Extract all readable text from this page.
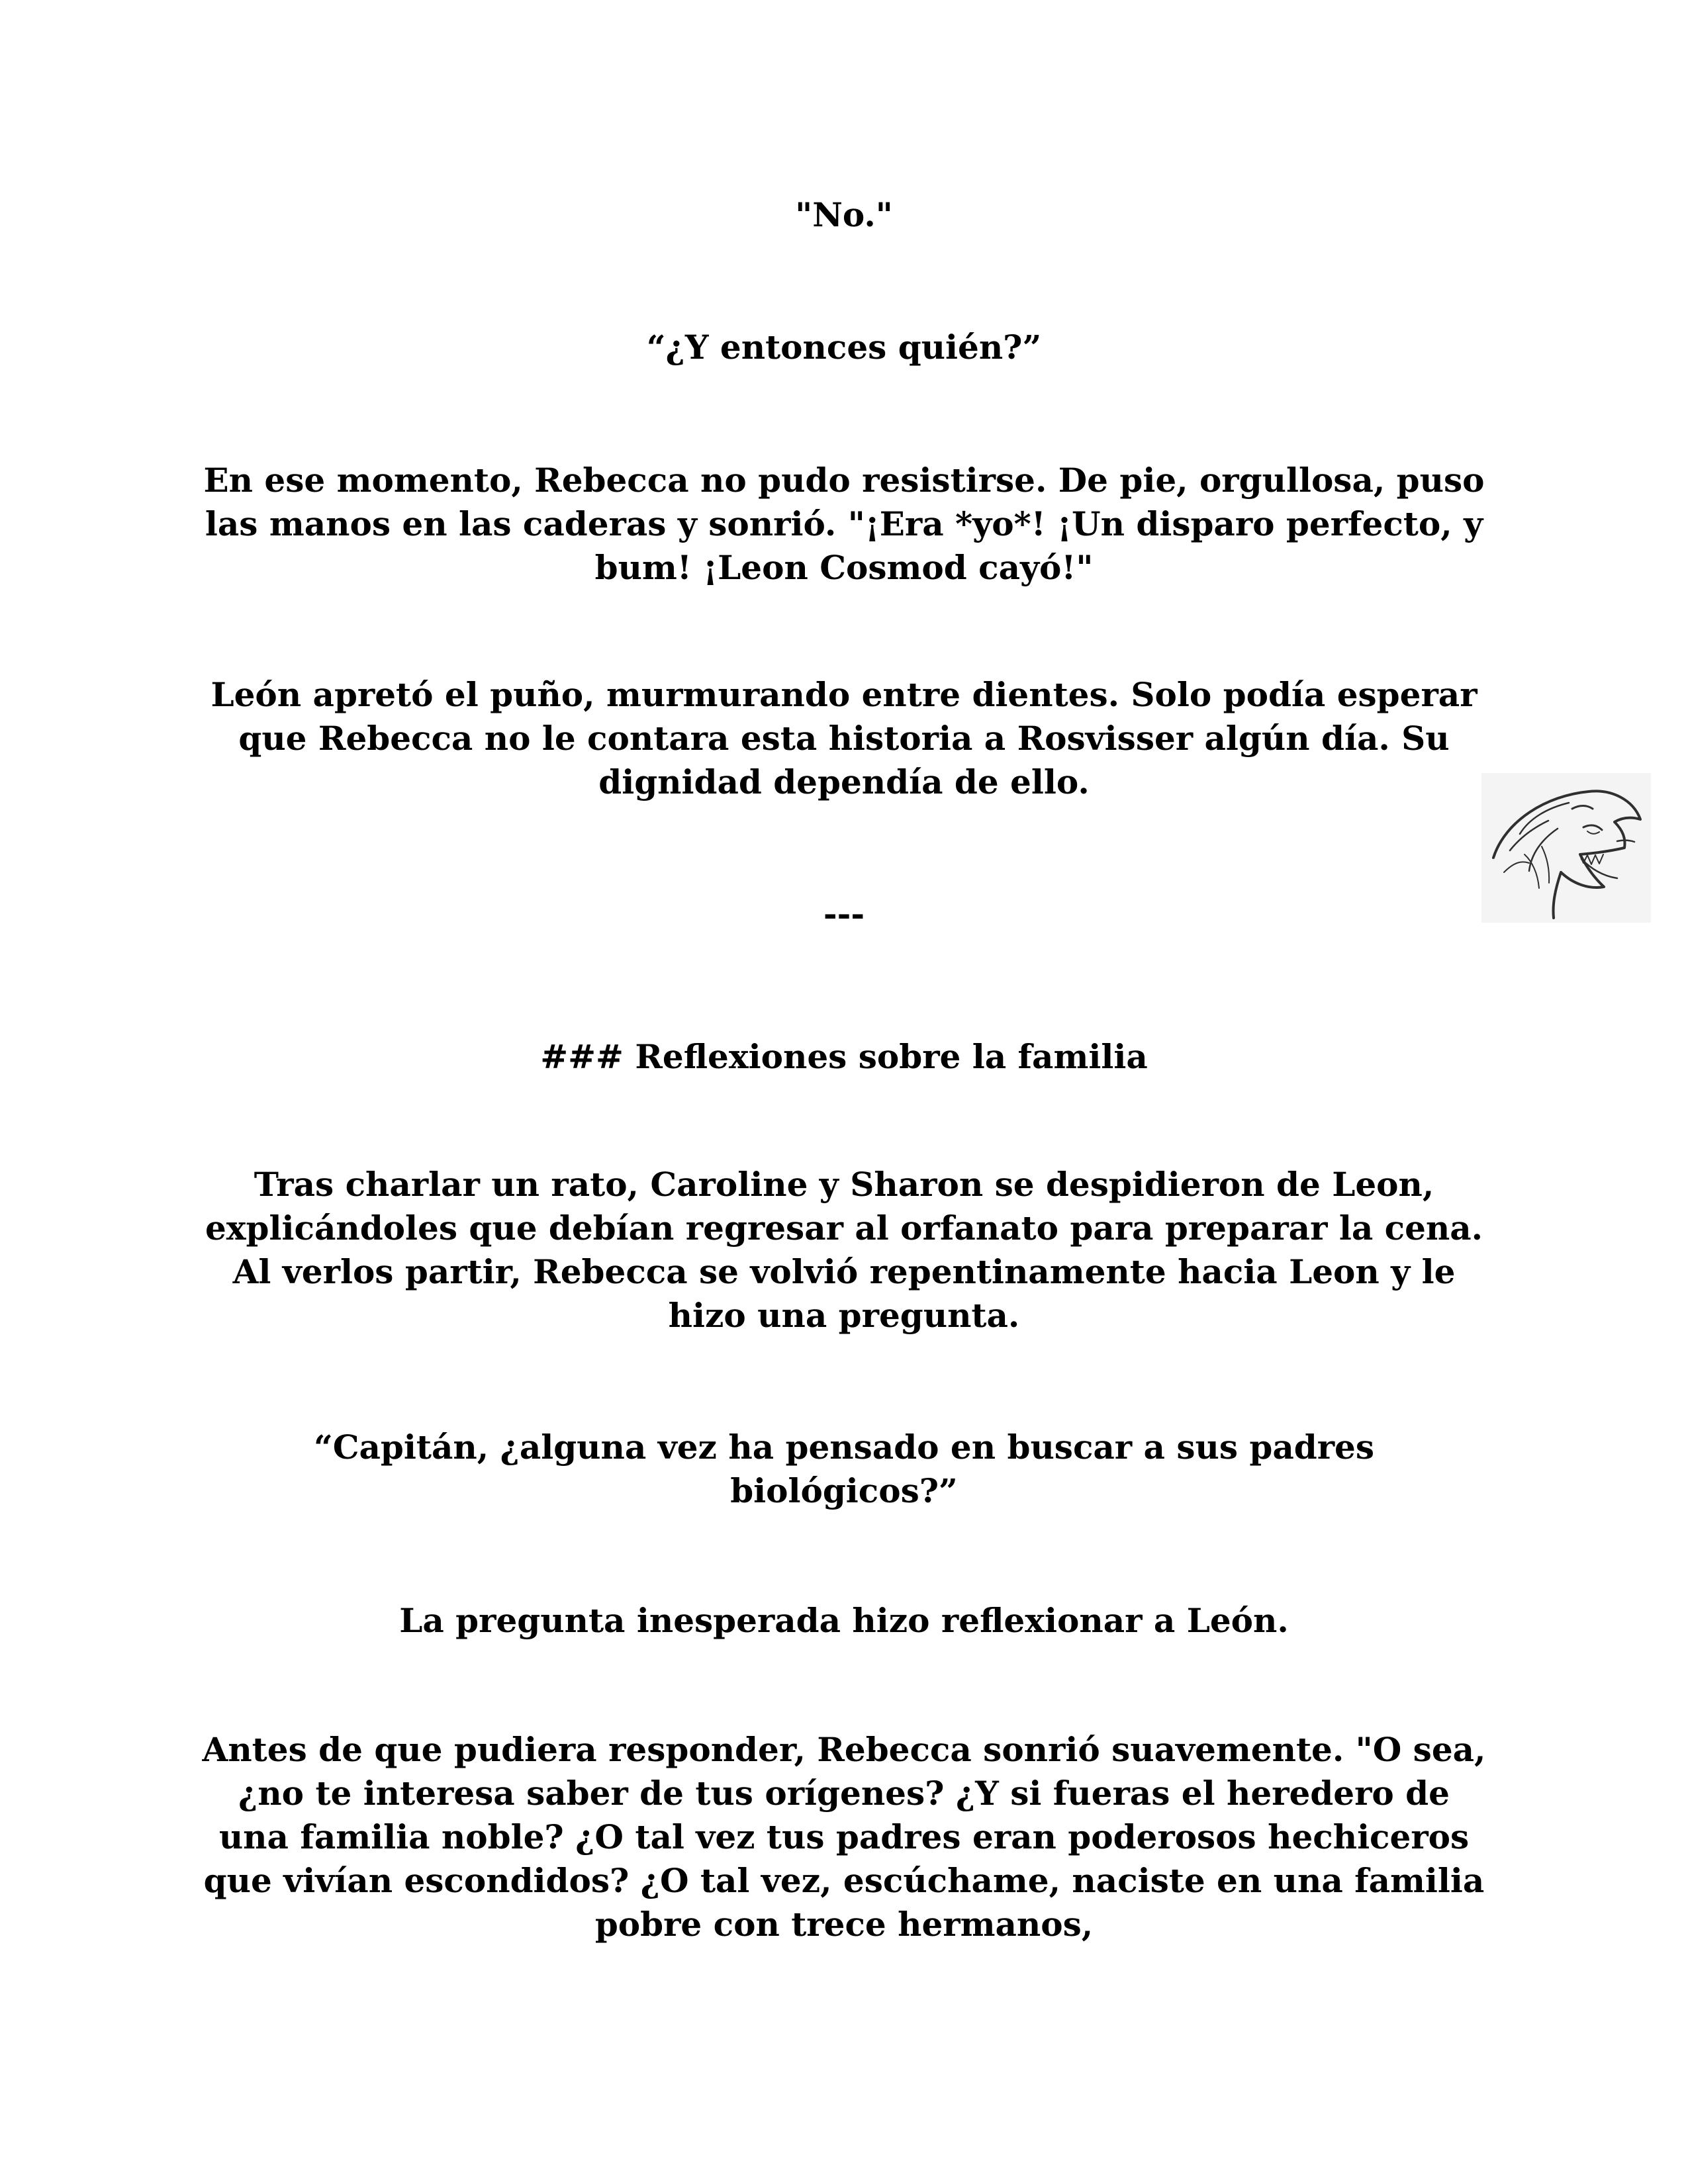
"No."

“¿Y entonces quién?”

En ese momento, Rebecca no pudo resistirse. De pie, orgullosa, puso las manos en las caderas y sonrió. "¡Era *yo*! ¡Un disparo perfecto, y bum! ¡Leon Cosmod cayó!"

León apretó el puño, murmurando entre dientes. Solo podía esperar que Rebecca no le contara esta historia a Rosvisser algún día. Su dignidad dependía de ello.

---

### Reflexiones sobre la familia

Tras charlar un rato, Caroline y Sharon se despidieron de Leon, explicándoles que debían regresar al orfanato para preparar la cena. Al verlos partir, Rebecca se volvió repentinamente hacia Leon y le hizo una pregunta.

“Capitán, ¿alguna vez ha pensado en buscar a sus padres biológicos?”

La pregunta inesperada hizo reflexionar a León.

Antes de que pudiera responder, Rebecca sonrió suavemente. "O sea, ¿no te interesa saber de tus orígenes? ¿Y si fueras el heredero de una familia noble? ¿O tal vez tus padres eran poderosos hechiceros que vivían escondidos? ¿O tal vez, escúchame, naciste en una familia pobre con trece hermanos,
